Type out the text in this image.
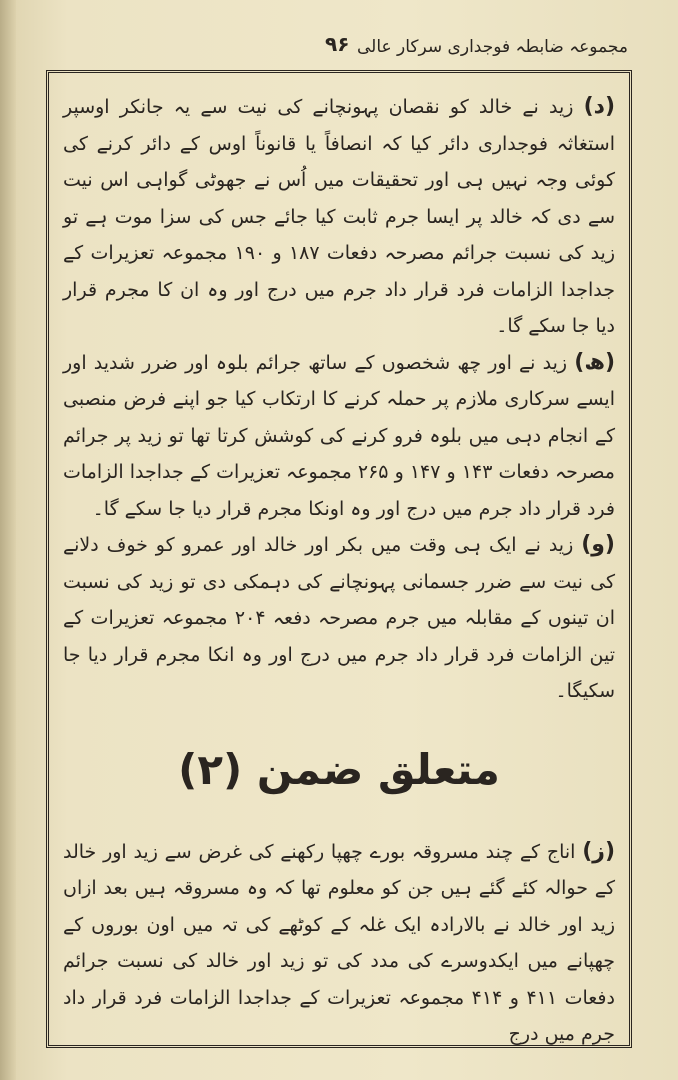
۹۶ مجموعہ ضابطہ فوجداری سرکار عالی

(د) زید نے خالد کو نقصان پہونچانے کی نیت سے یہ جانکر اوسپر استغاثہ فوجداری دائر کیا کہ انصافاً یا قانوناً اوس کے دائر کرنے کی کوئی وجہ نہیں ہی اور تحقیقات میں اُس نے جھوٹی گواہی اس نیت سے دی کہ خالد پر ایسا جرم ثابت کیا جائے جس کی سزا موت ہے تو زید کی نسبت جرائم مصرحہ دفعات ۱۸۷ و ۱۹۰ مجموعہ تعزیرات کے جداجدا الزامات فرد قرار داد جرم میں درج اور وہ ان کا مجرم قرار دیا جا سکے گا۔

(ھ) زید نے اور چھ شخصوں کے ساتھ جرائم بلوہ اور ضرر شدید اور ایسے سرکاری ملازم پر حملہ کرنے کا ارتکاب کیا جو اپنے فرض منصبی کے انجام دہی میں بلوہ فرو کرنے کی کوشش کرتا تھا تو زید پر جرائم مصرحہ دفعات ۱۴۳ و ۱۴۷ و ۲۶۵ مجموعہ تعزیرات کے جداجدا الزامات فرد قرار داد جرم میں درج اور وہ اونکا مجرم قرار دیا جا سکے گا۔

(و) زید نے ایک ہی وقت میں بکر اور خالد اور عمرو کو خوف دلانے کی نیت سے ضرر جسمانی پہونچانے کی دہمکی دی تو زید کی نسبت ان تینوں کے مقابلہ میں جرم مصرحہ دفعہ ۲۰۴ مجموعہ تعزیرات کے تین الزامات فرد قرار داد جرم میں درج اور وہ انکا مجرم قرار دیا جا سکیگا۔

متعلق ضمن (۲)

(ز) اناج کے چند مسروقہ بورے چھپا رکھنے کی غرض سے زید اور خالد کے حوالہ کئے گئے ہیں جن کو معلوم تھا کہ وہ مسروقہ ہیں بعد ازاں زید اور خالد نے بالارادہ ایک غلہ کے کوٹھے کی تہ میں اون بوروں کے چھپانے میں ایکدوسرے کی مدد کی تو زید اور خالد کی نسبت جرائم دفعات ۴۱۱ و ۴۱۴ مجموعہ تعزیرات کے جداجدا الزامات فرد قرار داد جرم میں درج
